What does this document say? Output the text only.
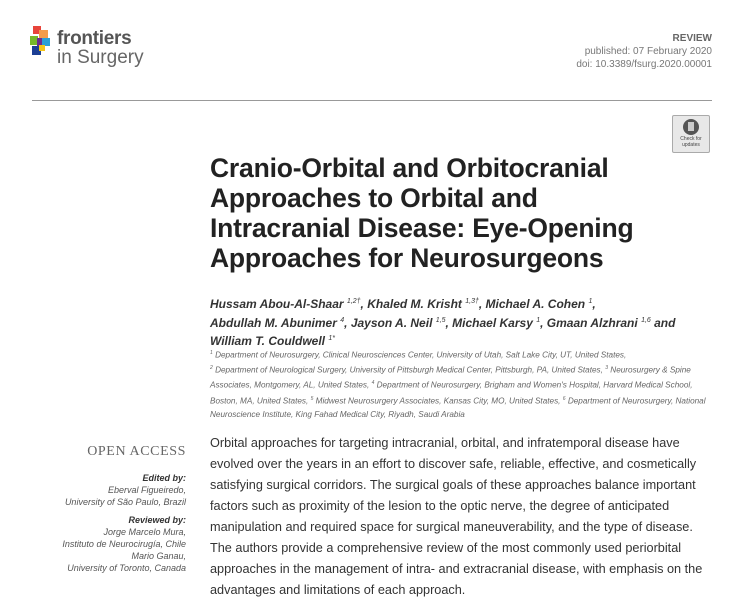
frontiers
in Surgery
REVIEW
published: 07 February 2020
doi: 10.3389/fsurg.2020.00001
Check for
updates
Cranio-Orbital and Orbitocranial
Approaches to Orbital and
Intracranial Disease: Eye-Opening
Approaches for Neurosurgeons
Hussam Abou-Al-Shaar $^{1,2\dagger}$, Khaled M. Krisht $^{1,3\dagger}$, Michael A. Cohen $^1$,
Abdullah M. Abunimer $^4$, Jayson A. Neil $^{1,5}$, Michael Karsy $^1$, Gmaan Alzhrani $^{1,6}$ and
William T. Couldwell $^{1*}$
$^1$ Department of Neurosurgery, Clinical Neurosciences Center, University of Utah, Salt Lake City, UT, United States,
$^2$ Department of Neurological Surgery, University of Pittsburgh Medical Center, Pittsburgh, PA, United States, $^3$ Neurosurgery & Spine Associates, Montgomery, AL, United States, $^4$ Department of Neurosurgery, Brigham and Women's Hospital, Harvard Medical School, Boston, MA, United States, $^5$ Midwest Neurosurgery Associates, Kansas City, MO, United States, $^6$ Department of Neurosurgery, National Neuroscience Institute, King Fahad Medical City, Riyadh, Saudi Arabia
OPEN ACCESS
Edited by:
Eberval Figueiredo,
University of São Paulo, Brazil
Reviewed by:
Jorge Marcelo Mura,
Instituto de Neurocirugía, Chile
Mario Ganau,
University of Toronto, Canada
Orbital approaches for targeting intracranial, orbital, and infratemporal disease have
evolved over the years in an effort to discover safe, reliable, effective, and cosmetically
satisfying surgical corridors. The surgical goals of these approaches balance important
factors such as proximity of the lesion to the optic nerve, the degree of anticipated
manipulation and required space for surgical maneuverability, and the type of disease.
The authors provide a comprehensive review of the most commonly used periorbital
approaches in the management of intra- and extracranial disease, with emphasis on the
advantages and limitations of each approach.
